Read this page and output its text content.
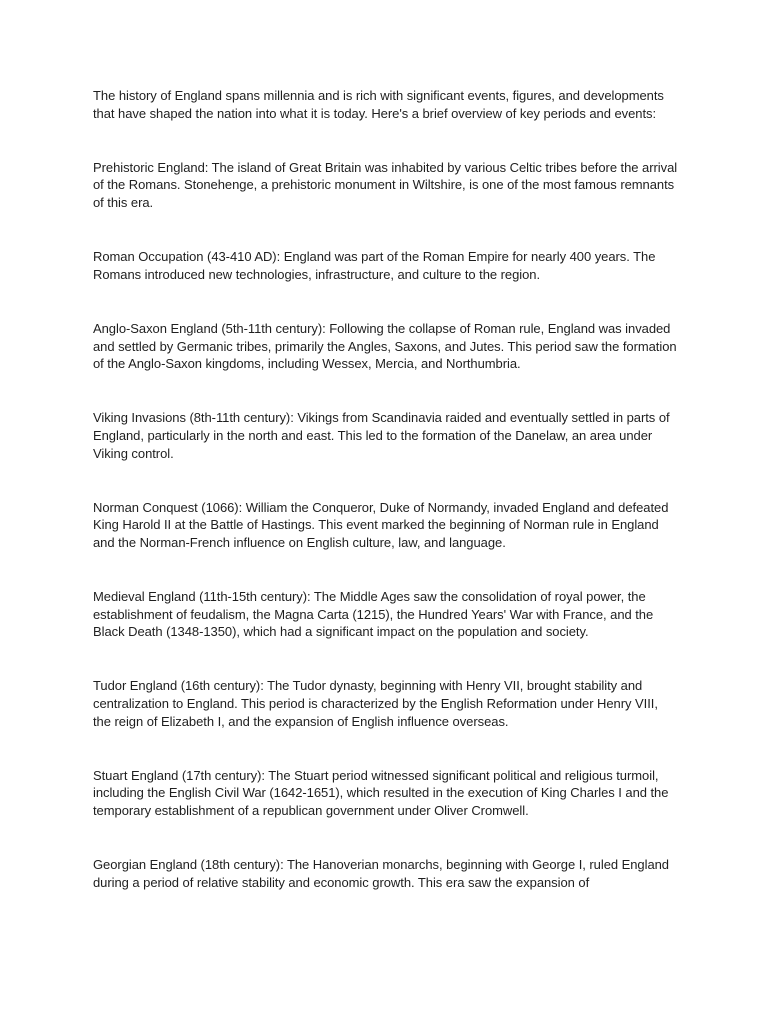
The history of England spans millennia and is rich with significant events, figures, and developments that have shaped the nation into what it is today. Here's a brief overview of key periods and events:

Prehistoric England: The island of Great Britain was inhabited by various Celtic tribes before the arrival of the Romans. Stonehenge, a prehistoric monument in Wiltshire, is one of the most famous remnants of this era.

Roman Occupation (43-410 AD): England was part of the Roman Empire for nearly 400 years. The Romans introduced new technologies, infrastructure, and culture to the region.

Anglo-Saxon England (5th-11th century): Following the collapse of Roman rule, England was invaded and settled by Germanic tribes, primarily the Angles, Saxons, and Jutes. This period saw the formation of the Anglo-Saxon kingdoms, including Wessex, Mercia, and Northumbria.

Viking Invasions (8th-11th century): Vikings from Scandinavia raided and eventually settled in parts of England, particularly in the north and east. This led to the formation of the Danelaw, an area under Viking control.

Norman Conquest (1066): William the Conqueror, Duke of Normandy, invaded England and defeated King Harold II at the Battle of Hastings. This event marked the beginning of Norman rule in England and the Norman-French influence on English culture, law, and language.

Medieval England (11th-15th century): The Middle Ages saw the consolidation of royal power, the establishment of feudalism, the Magna Carta (1215), the Hundred Years' War with France, and the Black Death (1348-1350), which had a significant impact on the population and society.

Tudor England (16th century): The Tudor dynasty, beginning with Henry VII, brought stability and centralization to England. This period is characterized by the English Reformation under Henry VIII, the reign of Elizabeth I, and the expansion of English influence overseas.

Stuart England (17th century): The Stuart period witnessed significant political and religious turmoil, including the English Civil War (1642-1651), which resulted in the execution of King Charles I and the temporary establishment of a republican government under Oliver Cromwell.

Georgian England (18th century): The Hanoverian monarchs, beginning with George I, ruled England during a period of relative stability and economic growth. This era saw the expansion of
